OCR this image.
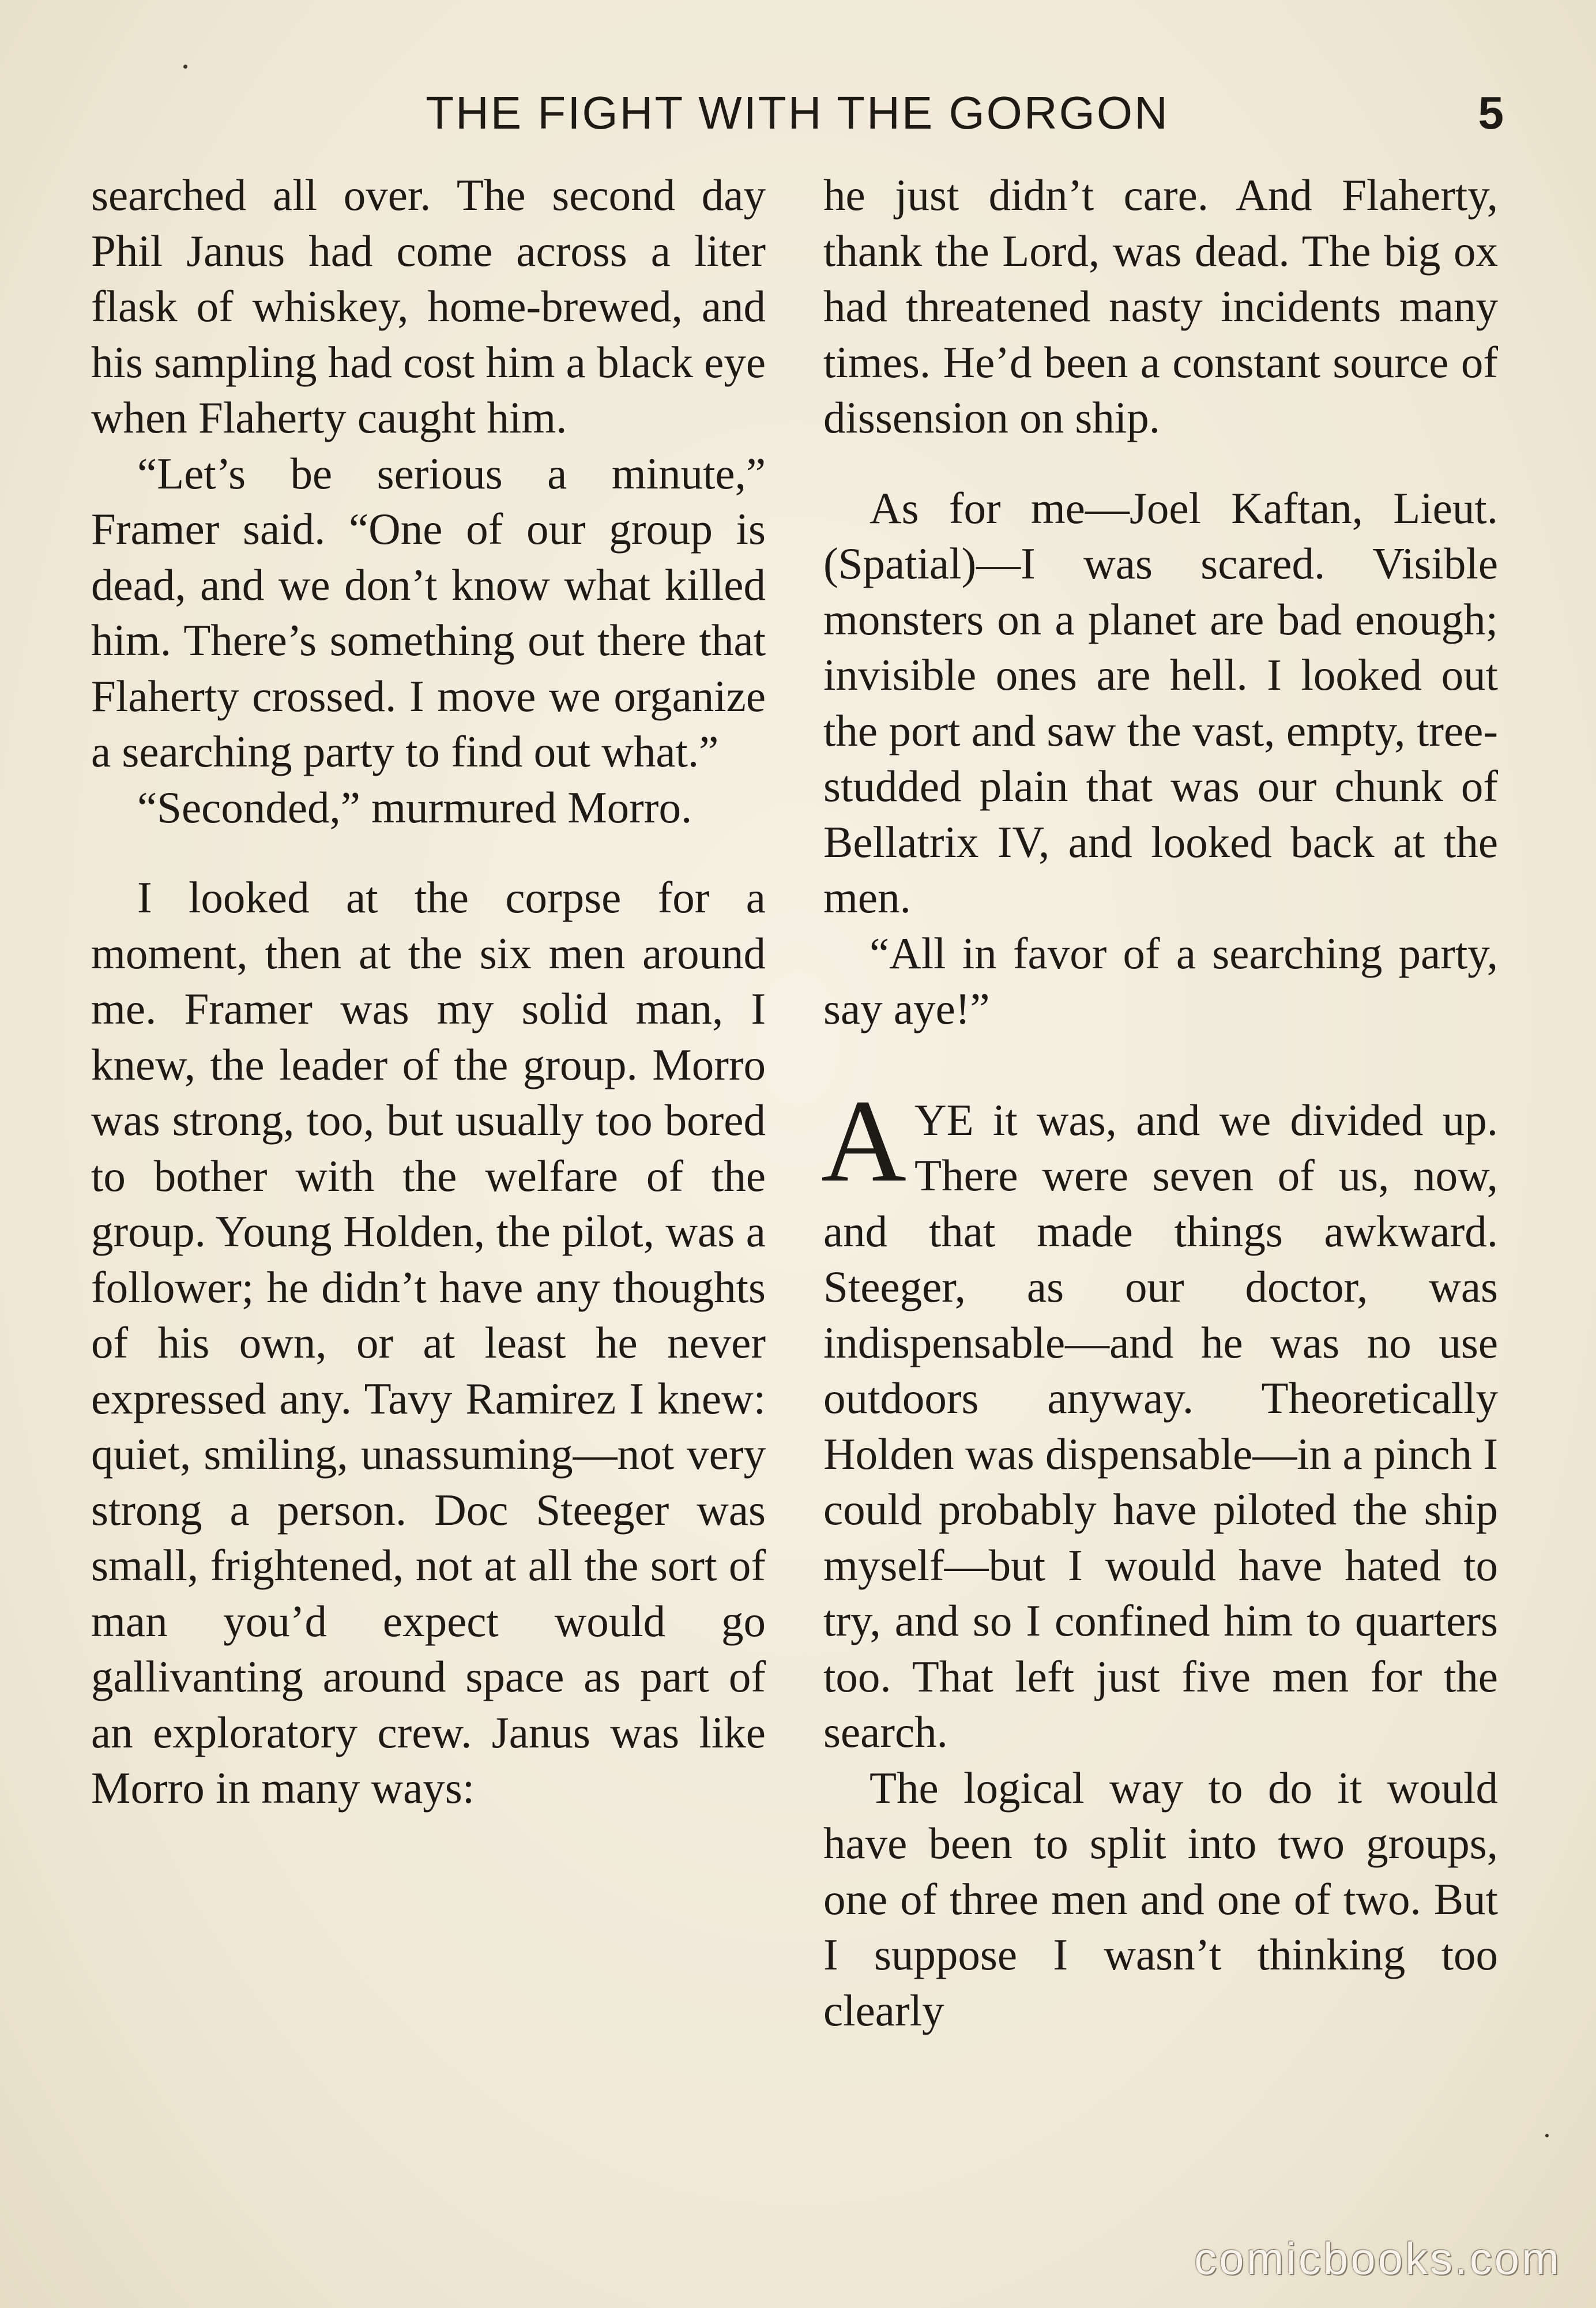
THE FIGHT WITH THE GORGON	5

searched all over. The second day Phil Janus had come across a liter flask of whiskey, home-brewed, and his sampling had cost him a black eye when Flaherty caught him.

“Let’s be serious a minute,” Framer said. “One of our group is dead, and we don’t know what killed him. There’s something out there that Flaherty crossed. I move we organize a searching party to find out what.”

“Seconded,” murmured Morro.

I looked at the corpse for a moment, then at the six men around me. Framer was my solid man, I knew, the leader of the group. Morro was strong, too, but usually too bored to bother with the welfare of the group. Young Holden, the pilot, was a follower; he didn’t have any thoughts of his own, or at least he never expressed any. Tavy Ramirez I knew: quiet, smiling, unassuming—not very strong a person. Doc Steeger was small, frightened, not at all the sort of man you’d expect would go gallivanting around space as part of an exploratory crew. Janus was like Morro in many ways:

he just didn’t care. And Flaherty, thank the Lord, was dead. The big ox had threatened nasty incidents many times. He’d been a constant source of dissension on ship.

As for me—Joel Kaftan, Lieut. (Spatial)—I was scared. Visible monsters on a planet are bad enough; invisible ones are hell. I looked out the port and saw the vast, empty, tree-studded plain that was our chunk of Bellatrix IV, and looked back at the men.

“All in favor of a searching party, say aye!”

AYE it was, and we divided up. There were seven of us, now, and that made things awkward. Steeger, as our doctor, was indispensable—and he was no use outdoors anyway. Theoretically Holden was dispensable—in a pinch I could probably have piloted the ship myself—but I would have hated to try, and so I confined him to quarters too. That left just five men for the search.

The logical way to do it would have been to split into two groups, one of three men and one of two. But I suppose I wasn’t thinking too clearly

comicbooks.com
